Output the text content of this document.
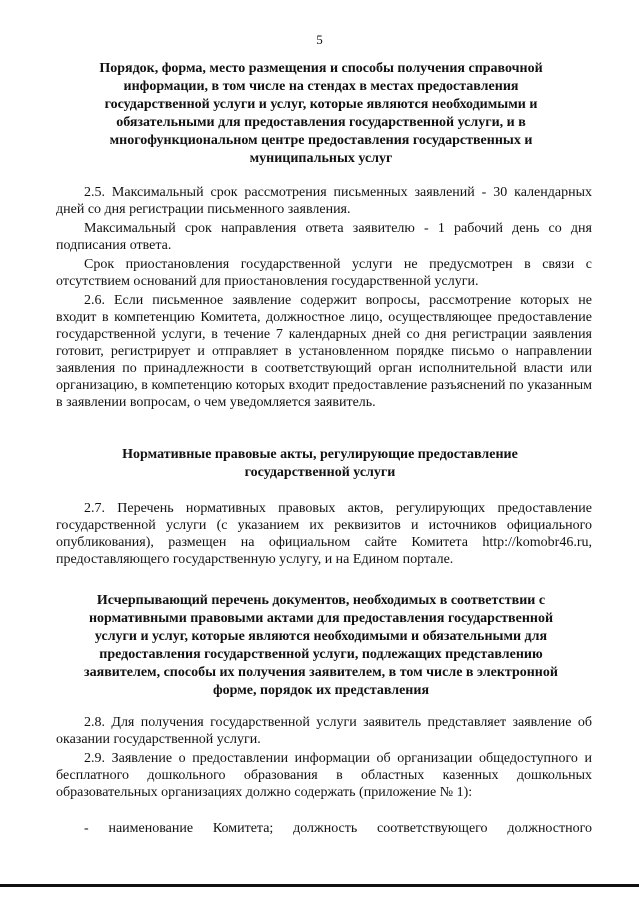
5
Порядок, форма, место размещения и способы получения справочной информации, в том числе на стендах в местах предоставления государственной услуги и услуг, которые являются необходимыми и обязательными для предоставления государственной услуги, и в многофункциональном центре предоставления государственных и муниципальных услуг

2.5. Максимальный срок рассмотрения письменных заявлений - 30 календарных дней со дня регистрации письменного заявления.

Максимальный срок направления ответа заявителю - 1 рабочий день со дня подписания ответа.

Срок приостановления государственной услуги не предусмотрен в связи с отсутствием оснований для приостановления государственной услуги.

2.6. Если письменное заявление содержит вопросы, рассмотрение которых не входит в компетенцию Комитета, должностное лицо, осуществляющее предоставление государственной услуги, в течение 7 календарных дней со дня регистрации заявления готовит, регистрирует и отправляет в установленном порядке письмо о направлении заявления по принадлежности в соответствующий орган исполнительной власти или организацию, в компетенцию которых входит предоставление разъяснений по указанным в заявлении вопросам, о чем уведомляется заявитель.

Нормативные правовые акты, регулирующие предоставление государственной услуги

2.7. Перечень нормативных правовых актов, регулирующих предоставление государственной услуги (с указанием их реквизитов и источников официального опубликования), размещен на официальном сайте Комитета http://komobr46.ru, предоставляющего государственную услугу, и на Едином портале.

Исчерпывающий перечень документов, необходимых в соответствии с нормативными правовыми актами для предоставления государственной услуги и услуг, которые являются необходимыми и обязательными для предоставления государственной услуги, подлежащих представлению заявителем, способы их получения заявителем, в том числе в электронной форме, порядок их представления

2.8. Для получения государственной услуги заявитель представляет заявление об оказании государственной услуги.

2.9. Заявление о предоставлении информации об организации общедоступного и бесплатного дошкольного образования в областных казенных дошкольных образовательных организациях должно содержать (приложение № 1):

- наименование Комитета; должность соответствующего должностного
